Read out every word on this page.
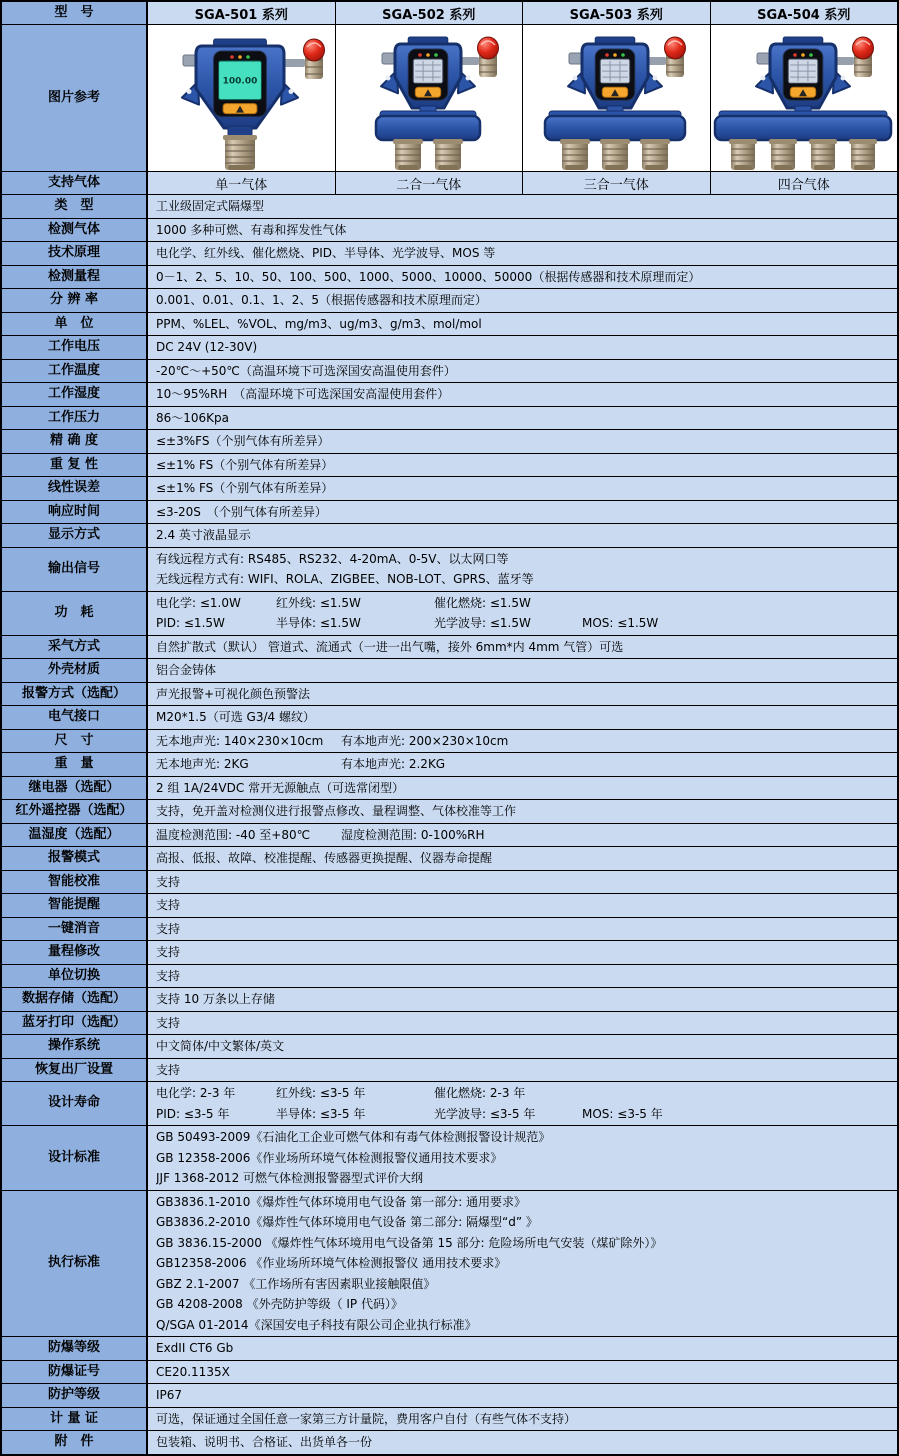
型　号	SGA-501 系列	SGA-502 系列	SGA-503 系列	SGA-504 系列
图片参考
100.00
支持气体	单一气体	二合一气体	三合一气体	四合气体
类　型	工业级固定式隔爆型
检测气体	1000 多种可燃、有毒和挥发性气体
技术原理	电化学、红外线、催化燃烧、PID、半导体、光学波导、MOS 等
检测量程	0－1、2、5、10、50、100、500、1000、5000、10000、50000（根据传感器和技术原理而定）
分 辨 率	0.001、0.01、0.1、1、2、5（根据传感器和技术原理而定）
单　位	PPM、%LEL、%VOL、mg/m3、ug/m3、g/m3、mol/mol
工作电压	DC 24V (12-30V)
工作温度	-20℃～+50℃（高温环境下可选深国安高温使用套件）
工作湿度	10～95%RH　（高湿环境下可选深国安高湿使用套件）
工作压力	86～106Kpa
精 确 度	≤±3%FS（个别气体有所差异）
重 复 性	≤±1% FS（个别气体有所差异）
线性误差	≤±1% FS（个别气体有所差异）
响应时间	≤3-20S　（个别气体有所差异）
显示方式	2.4 英寸液晶显示
输出信号
有线远程方式有: RS485、RS232、4-20mA、0-5V、以太网口等
无线远程方式有: WIFI、ROLA、ZIGBEE、NOB-LOT、GPRS、蓝牙等
功　耗
电化学: ≤1.0W	红外线: ≤1.5W	催化燃烧: ≤1.5W
PID: ≤1.5W	半导体: ≤1.5W	光学波导: ≤1.5W	MOS: ≤1.5W
采气方式	自然扩散式（默认） 管道式、流通式（一进一出气嘴，接外 6mm*内 4mm 气管）可选
外壳材质	铝合金铸体
报警方式（选配）	声光报警+可视化颜色预警法
电气接口	M20*1.5（可选 G3/4 螺纹）
尺　寸	无本地声光: 140×230×10cm 有本地声光: 200×230×10cm
重　量	无本地声光: 2KG	有本地声光: 2.2KG
继电器（选配）	2 组 1A/24VDC 常开无源触点（可选常闭型）
红外遥控器（选配）	支持，免开盖对检测仪进行报警点修改、量程调整、气体校准等工作
温湿度（选配）	温度检测范围: -40 至+80℃	湿度检测范围: 0-100%RH
报警模式	高报、低报、故障、校准提醒、传感器更换提醒、仪器寿命提醒
智能校准	支持
智能提醒	支持
一键消音	支持
量程修改	支持
单位切换	支持
数据存储（选配）	支持 10 万条以上存储
蓝牙打印（选配）	支持
操作系统	中文简体/中文繁体/英文
恢复出厂设置	支持
设计寿命
电化学: 2-3 年	红外线: ≤3-5 年	催化燃烧: 2-3 年
PID: ≤3-5 年	半导体: ≤3-5 年	光学波导: ≤3-5 年	MOS: ≤3-5 年
设计标准
GB 50493-2009《石油化工企业可燃气体和有毒气体检测报警设计规范》
GB 12358-2006《作业场所环境气体检测报警仪通用技术要求》
JJF 1368-2012 可燃气体检测报警器型式评价大纲
执行标准
GB3836.1-2010《爆炸性气体环境用电气设备 第一部分: 通用要求》
GB3836.2-2010《爆炸性气体环境用电气设备 第二部分: 隔爆型“d” 》
GB 3836.15-2000 《爆炸性气体环境用电气设备第 15 部分: 危险场所电气安装（煤矿除外）》
GB12358-2006 《作业场所环境气体检测报警仪 通用技术要求》
GBZ 2.1-2007 《工作场所有害因素职业接触限值》
GB 4208-2008 《外壳防护等级（ IP 代码）》
Q/SGA 01-2014《深国安电子科技有限公司企业执行标准》
防爆等级	ExdII CT6 Gb
防爆证号	CE20.1135X
防护等级	IP67
计 量 证	可选，保证通过全国任意一家第三方计量院，费用客户自付（有些气体不支持）
附　件	包装箱、说明书、合格证、出货单各一份
